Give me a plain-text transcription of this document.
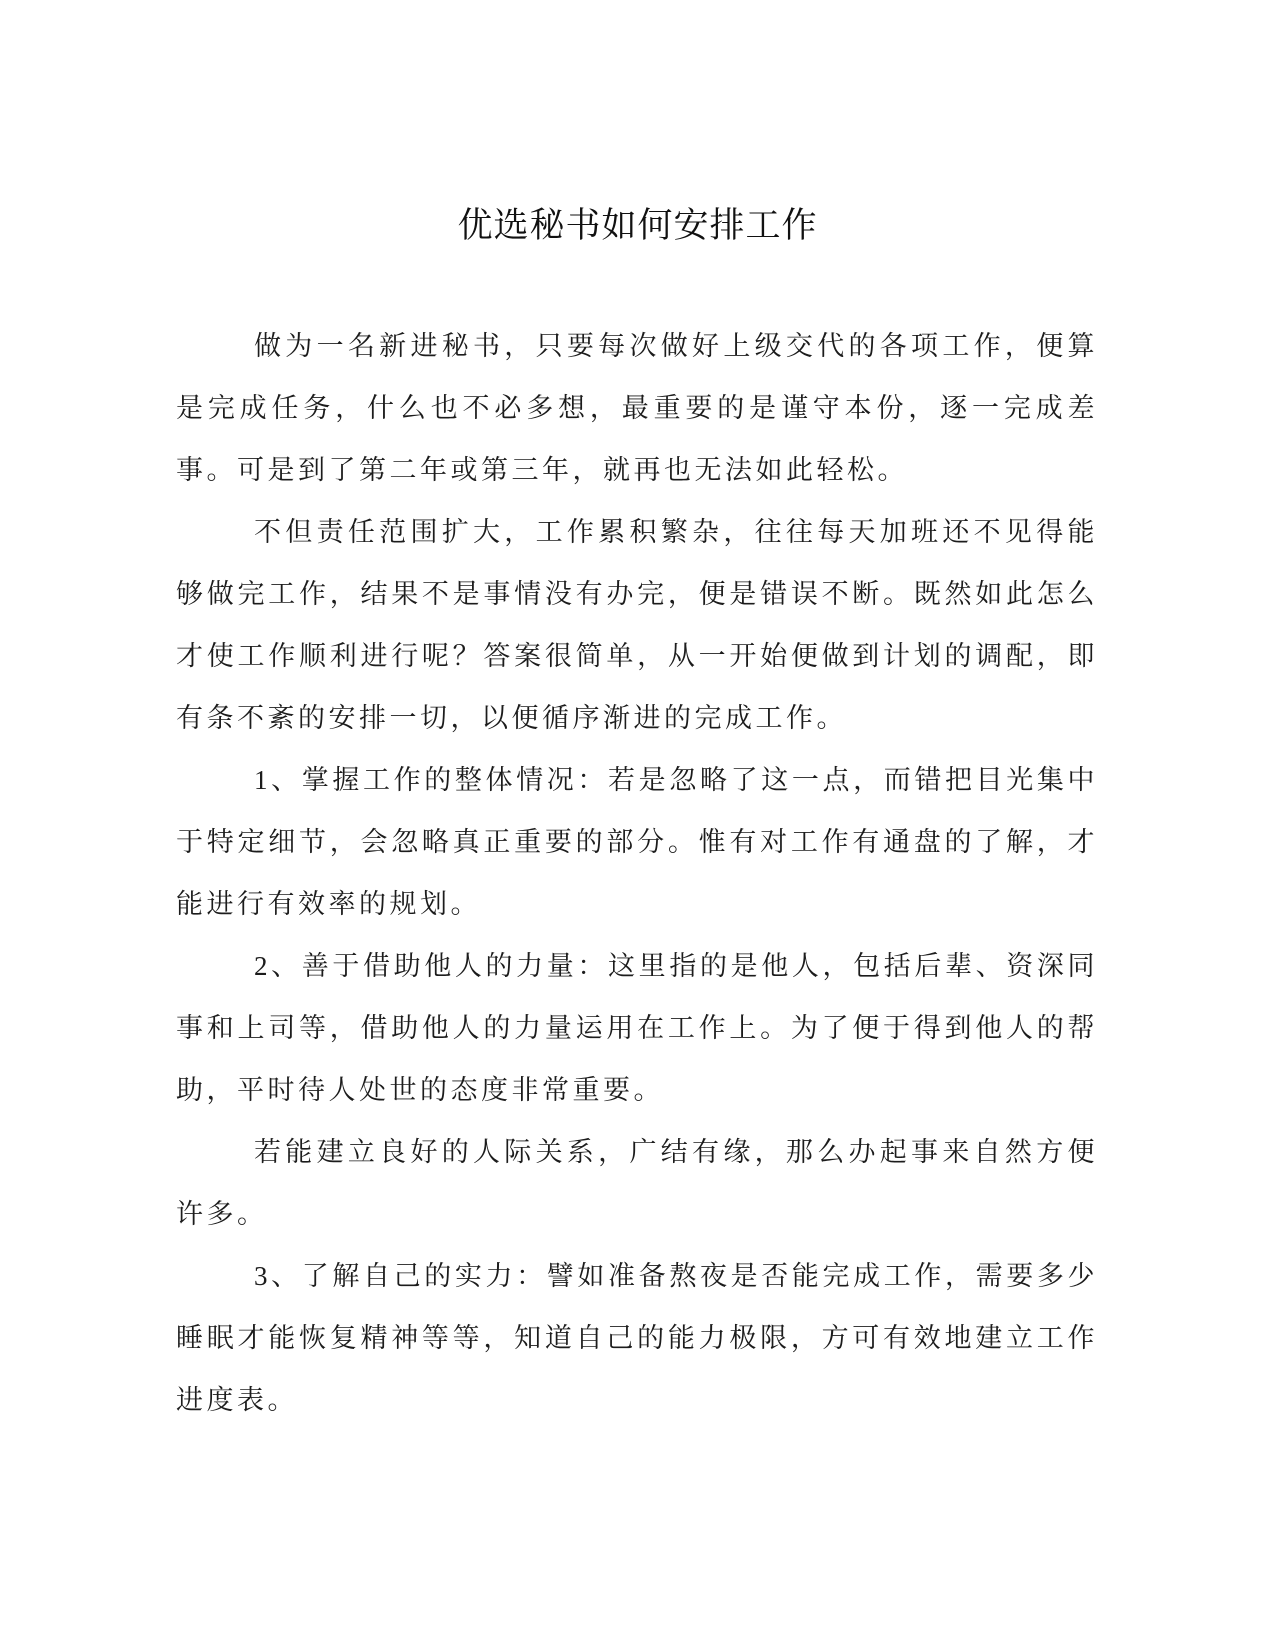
优选秘书如何安排工作

做为一名新进秘书，只要每次做好上级交代的各项工作，便算是完成任务，什么也不必多想，最重要的是谨守本份，逐一完成差事。可是到了第二年或第三年，就再也无法如此轻松。

不但责任范围扩大，工作累积繁杂，往往每天加班还不见得能够做完工作，结果不是事情没有办完，便是错误不断。既然如此怎么才使工作顺利进行呢？答案很简单，从一开始便做到计划的调配，即有条不紊的安排一切，以便循序渐进的完成工作。

1、掌握工作的整体情况：若是忽略了这一点，而错把目光集中于特定细节，会忽略真正重要的部分。惟有对工作有通盘的了解，才能进行有效率的规划。

2、善于借助他人的力量：这里指的是他人，包括后辈、资深同事和上司等，借助他人的力量运用在工作上。为了便于得到他人的帮助，平时待人处世的态度非常重要。

若能建立良好的人际关系，广结有缘，那么办起事来自然方便许多。

3、了解自己的实力：譬如准备熬夜是否能完成工作，需要多少睡眠才能恢复精神等等，知道自己的能力极限，方可有效地建立工作进度表。
